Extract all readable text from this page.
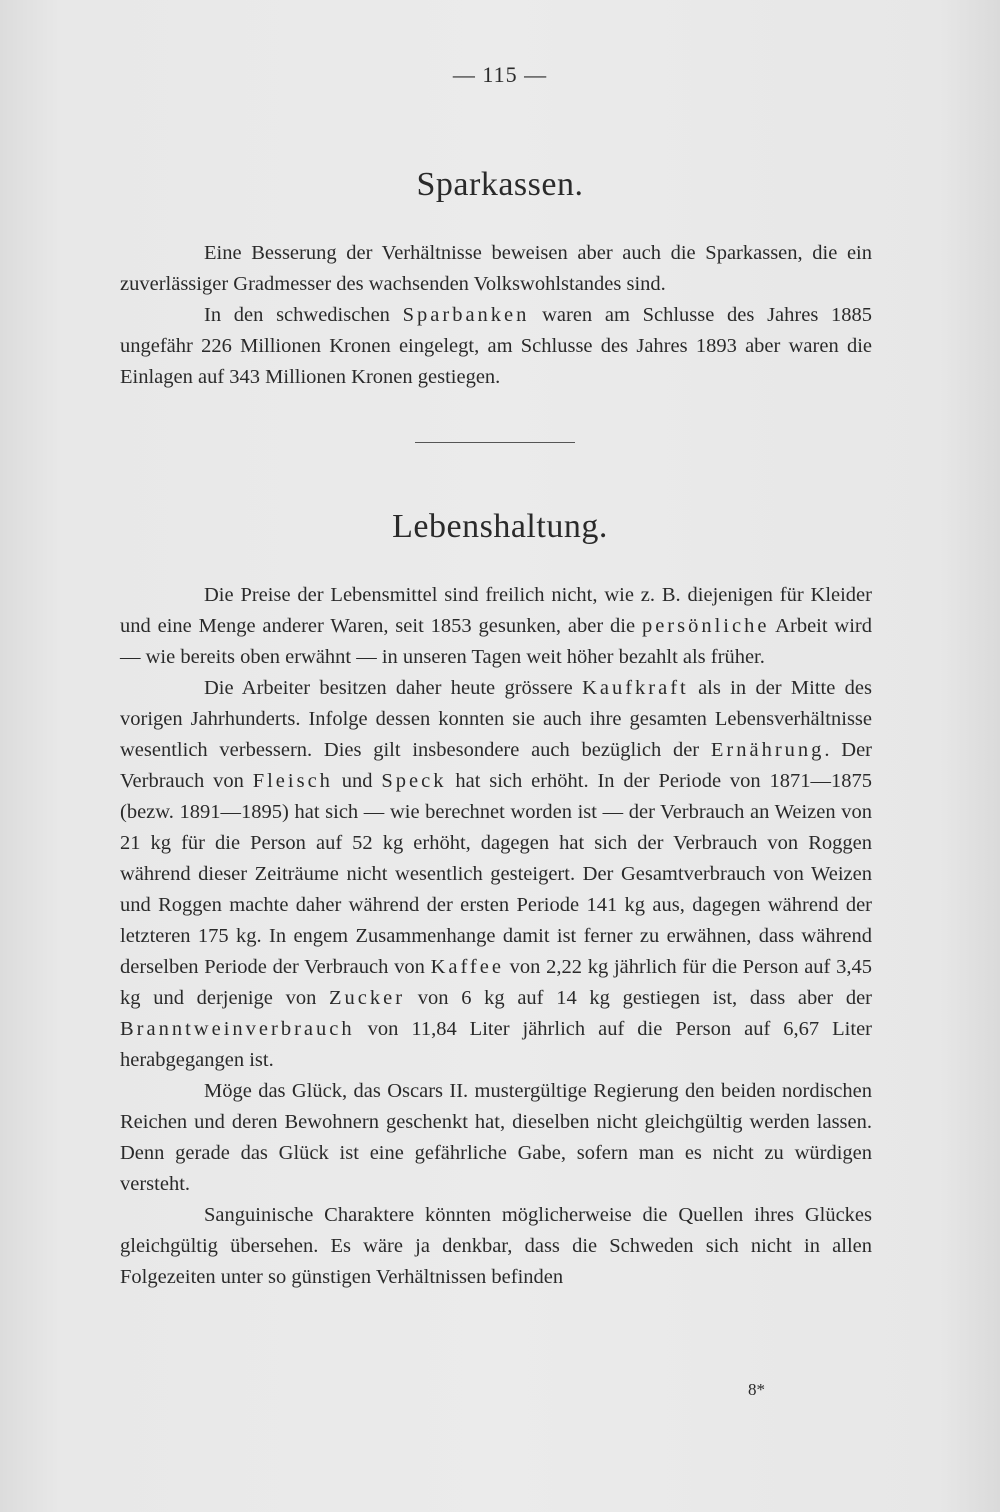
— 115 —
Sparkassen.

Eine Besserung der Verhältnisse beweisen aber auch die Sparkassen, die ein zuverlässiger Gradmesser des wachsenden Volkswohlstandes sind.

In den schwedischen Sparbanken waren am Schlusse des Jahres 1885 ungefähr 226 Millionen Kronen eingelegt, am Schlusse des Jahres 1893 aber waren die Einlagen auf 343 Millionen Kronen gestiegen.

Lebenshaltung.

Die Preise der Lebensmittel sind freilich nicht, wie z. B. diejenigen für Kleider und eine Menge anderer Waren, seit 1853 gesunken, aber die persönliche Arbeit wird — wie bereits oben erwähnt — in unseren Tagen weit höher bezahlt als früher.

Die Arbeiter besitzen daher heute grössere Kaufkraft als in der Mitte des vorigen Jahrhunderts. Infolge dessen konnten sie auch ihre gesamten Lebensverhältnisse wesentlich verbessern. Dies gilt insbesondere auch bezüglich der Ernährung. Der Verbrauch von Fleisch und Speck hat sich erhöht. In der Periode von 1871—1875 (bezw. 1891—1895) hat sich — wie berechnet worden ist — der Verbrauch an Weizen von 21 kg für die Person auf 52 kg erhöht, dagegen hat sich der Verbrauch von Roggen während dieser Zeiträume nicht wesentlich gesteigert. Der Gesamtverbrauch von Weizen und Roggen machte daher während der ersten Periode 141 kg aus, dagegen während der letzteren 175 kg. In engem Zusammenhange damit ist ferner zu erwähnen, dass während derselben Periode der Verbrauch von Kaffee von 2,22 kg jährlich für die Person auf 3,45 kg und derjenige von Zucker von 6 kg auf 14 kg gestiegen ist, dass aber der Branntweinverbrauch von 11,84 Liter jährlich auf die Person auf 6,67 Liter herabgegangen ist.

Möge das Glück, das Oscars II. mustergültige Regierung den beiden nordischen Reichen und deren Bewohnern geschenkt hat, dieselben nicht gleichgültig werden lassen. Denn gerade das Glück ist eine gefährliche Gabe, sofern man es nicht zu würdigen versteht.

Sanguinische Charaktere könnten möglicherweise die Quellen ihres Glückes gleichgültig übersehen. Es wäre ja denkbar, dass die Schweden sich nicht in allen Folgezeiten unter so günstigen Verhältnissen befinden

8*
